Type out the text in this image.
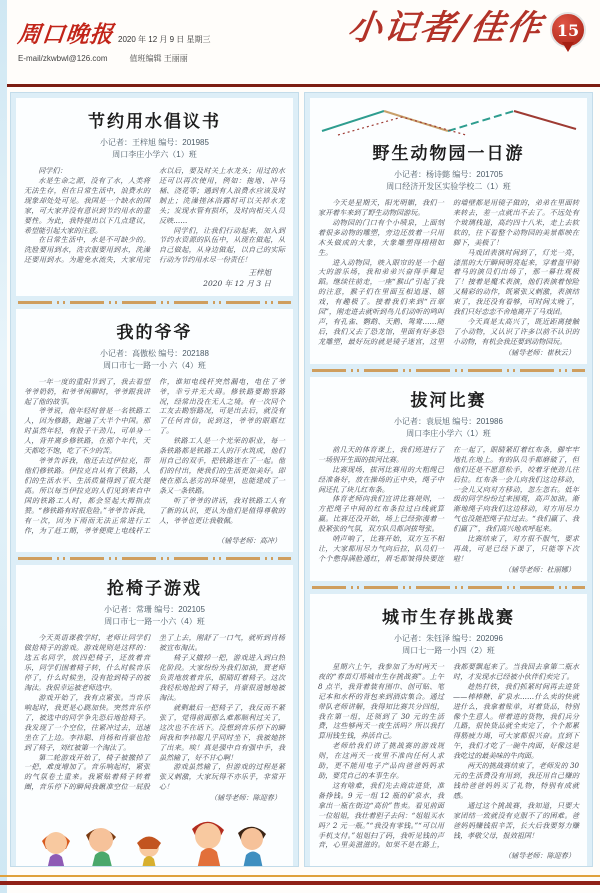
周口晚报 2020 年 12 月 9 日 星期三
E-mail/zkwbwl@126.com	值班编辑 王丽丽
小记者/佳作 15
节约用水倡议书
小记者：王梓旭 编号：201985
周口李庄小学六（1）班

同学们：

水是生命之源，没有了水，人类将无法生存，但在日常生活中，浪费水的现象却处处可见。我国是一个缺水的国家，可大家并没有意识到节约用水的重要性。为此，我特提出以下几点建议，希望能引起大家的注意。

在日常生活中，水是不可缺少的。洗脸要用到水，洗衣服要用到水，洗澡还要用到水。为避免水流失，大家用完水以后，要及时关上水龙头；用过的水还可以再次使用，例如：拖地、冲马桶、浇花等；遇到有人浪费水应该及时制止；洗澡搓沐浴露时可以关掉水龙头；发现水管有损坏，及时向相关人员反映……

同学们，让我们行动起来，加入到节约水资源的队伍中，从现在做起，从自己做起，从身边做起，以自己的实际行动为节约用水尽一份责任！

王梓旭
2020 年 12 月 3 日
我的爷爷
小记者：高傲松 编号：202188
周口市七一路一小 六（4）班

一年一度的重阳节到了，我去看望爷爷奶奶，和爷爷闲聊时，爷爷跟我讲起了他的故事。

爷爷说，他年轻时曾是一名铁路工人，因为修路，跑遍了大半个中国。那时虽然年轻，有股子干劲儿，可单身一人，背井离乡修铁路，在那个年代，天天都吃不饱，吃了不少的苦。

爷爷告诉我，他还去过伊拉克，帮他们修铁路。伊拉克自从有了铁路，人们的生活水平、生活质量得到了很大提高。所以每当伊拉克的人们见到来自中国的铁路工人时，都会竖起大拇指点赞。“修铁路有时很危险。”爷爷告诉我，有一次，因为下雨而无法正常进行工作，为了赶工期，爷爷便爬上电线杆工作，谁知电线杆突然漏电，电住了爷爷，幸亏并无大碍。修铁路要勘察路况，经常出没在无人之境。有一次同个工友去勘察路况，可是出去后，就没有了任何音信，说到这，爷爷的眼眶红了。

铁路工人是一个光荣的职业，每一条铁路都是铁路工人的汗水筑成，他们用自己的双手，把铁路连在了一起。他们的付出，使我们的生活更加美好。即使在那么恶劣的环境里，也能建成了一条又一条铁路。

听了爷爷的讲话，我对铁路工人有了新的认识，更认为他们是值得尊敬的人，爷爷也更让我敬佩。

（辅导老师：高冲）
抢椅子游戏
小记者：常珊 编号：202105
周口市七一路一小六（4）班

今天英语课教学时，老师让同学们做抢椅子的游戏。游戏规则是这样的：选五名同学，放四把椅子，还放着音乐，同学们围着椅子转，什么时候音乐停了，什么时候坐，没有抢到椅子的被淘汰。我很幸运被老师选中。

游戏开始了，我有点紧张。当音乐响起时，我更是心跳加快。突然音乐停了，被选中的同学争先恐后地抢椅子。我发现了一个空位，往紧冲过去，迅速坐在了上边。李祎聪、肖杨和肖豪也抢到了椅子，刘红被第一个淘汰了。

第二轮游戏开始了，椅子被撤掉了一把，难度增加了。音乐响起时，紧张的气氛卷土重来。我紧贴着椅子转着圈，音乐停下的瞬间我瞅准空位一屁股坐了上去，刚舒了一口气，就听到肖杨被宣布淘汰。

椅子又撤掉一把，游戏进入到白热化阶段。大家纷纷为我们加油，贾老师负责地放着音乐，眼睛盯着椅子。这次我轻松地抢到了椅子，肖豪很遗憾地被淘汰。

就剩最后一把椅子了，我反而不紧张了，觉得前面那么难都顺利过关了，这次也不在话下。没想到音乐停下的瞬间我和李祎聪几乎同时坐下，我被她挤了出来。唉！真是强中自有强中手，我虽然输了，好不甘心啊！

游戏虽然输了，但游戏的过程是紧张又刺激，大家玩得不亦乐乎，非常开心！

（辅导老师：陈迎春）
野生动物园一日游
小记者：杨诗懿 编号：201705
周口经济开发区实验学校二（1）班

今天是星期天，阳光明媚，我们一家开着车来到了野生动物园游玩。

动物园的门口有个小喷泉，上面刻着很多动物的雕塑，旁边还放着一只用木头做成的大象，大象雕塑得栩栩如生。

进入动物园，映入眼帘的是一个超大的游乐场，我和弟弟兴奋得手舞足蹈。继续往前走，一座“猴山”引起了我的注意，猴子们在里面互相追逐、嬉戏，有趣极了。接着我们来到“百翠园”，刚走进去就听到鸟儿们动听的鸣叫声，有孔雀、鹦鹉、天鹅、鸳鸯……随后，我们又去了恐龙馆，里面有好多恐龙雕塑，最好玩的就是镜子迷宫，这里的墙壁都是用镜子做的，弟弟在里面转来转去，差一点就出不去了。不远处有个玻璃栈道，高约四十八米，走上去软软的，往下看整个动物园的美景都映在脚下，美极了！

马戏团表演时间到了，灯光一亮，漆黑的大厅瞬间明亮起来，穿着盔甲骑着马的演员们出场了，那一幕壮观极了！接着是魔术表演，他们表演着惊险又精彩的动作，既紧张又刺激，表演结束了，我还没有看够，可时间太晚了，我们只好恋恋不舍地离开了马戏团。

今天真是太高兴了，既近距离接触了小动物，又认识了许多以前不认识的小动物，有机会我还要到动物园玩。

（辅导老师：崔秋云）
拔河比赛
小记者：袁辰旭 编号：201986
周口李庄小学六（1）班

前几天的体育课上，我们班进行了一场别开生面的拔河比赛。

比赛现场，拔河比赛用的大粗绳已经准备好，放在操场的正中央，绳子中间还扎了块儿红布条。

体育老师向我们宣讲比赛规则，一方把绳子中间的红布条拉过白线就算赢。比赛还没开始，场上已经弥漫着一股紧张的气氛，双方队员都剑拔弩张。

哨声响了，比赛开始，双方互不相让，大家都用尽力气向后拉，队员们一个个憋得满脸通红，眉毛都皱得快要连在一起了，眼睛紧盯着红布条，脚牢牢地扎在地上。有的队员手都磨破了，但他们还是不愿意松手，咬着牙使劲儿往后拉。红布条一会儿向我们这边移动，一会儿又向对方移动，忽左忽右。低年级的同学纷纷过来围观，高声加油。渐渐地绳子向我们这边移动，对方用尽力气也没能把绳子拉过去。“我们赢了、我们赢了”，我们高兴地欢呼起来。

比赛结束了，对方很不服气，要求再战，可是已经下课了，只能等下次啦！

（辅导老师：杜丽娜）
城市生存挑战赛
小记者：朱钰泽 编号：202096
周口七一路一小四（2）班

星期六上午，我参加了为时两天一夜的“春苗灯塔城市生存挑战赛”。上午 8 点半，我背着装有围巾、创可贴、笔记本和水杯的背包来到酒店集合。通过带队老师讲解，我得知比赛共分四组，我在第一组，还领到了 30 元的生活费，这些够两天一夜生活吗？所以我打算用钱生钱，养活自己。

老师给我们讲了挑战赛的游戏规则，在这两天一夜里不准向任何人求助，更不能用电子产品向爸爸妈妈求助，要凭自己的本事生存。

这有啥难，我们先去商店进货，准备挣钱。9 元一组 12 瓶的矿泉水，我拿出一瓶在街边“高价”售卖。看见前面一位姐姐，我壮着胆子去问：“姐姐买水吗？2 元一瓶。”“我没有零钱。”“可以用手机支付。”姐姐扫了码，我听见钱的声音，心里美滋滋的。如果不是在路上，我都要飘起来了。当我回去拿第二瓶水时，才发现水已经被小伙伴们卖完了。

趁热打铁，我们抓紧时间再去进货——棒棒糖、矿泉水……什么卖的快就进什么，我拿着账单，对着货品，特别像个生意人。带着进的货物，我们兵分几路，很快货品就全卖完了，个个都累得筋疲力竭，可大家都很兴奋。直到下午，我们才吃了一碗牛肉面，好像这是我吃过的最美味的牛肉面。

两天的挑战赛结束了，老师发的 30 元的生活费没有用到，我还用自己赚的钱给爸爸妈妈买了礼物，特别有成就感。

通过这个挑战赛，我知道，只要大家团结一致就没有克服不了的困难。爸爸妈妈赚钱很辛苦，长大后我要努力赚钱，孝敬父母，报效祖国！

（辅导老师：陈迎春）
